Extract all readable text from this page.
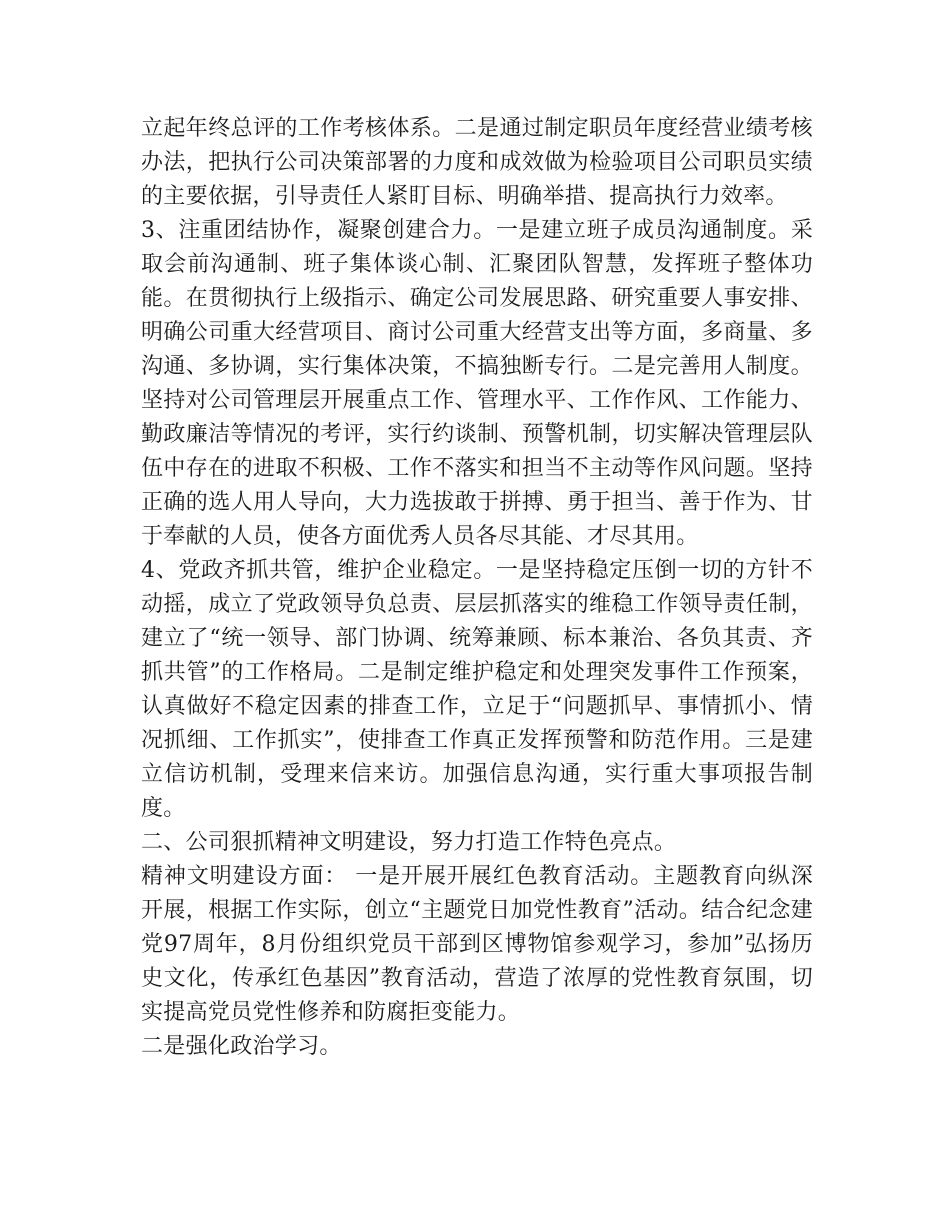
立起年终总评的工作考核体系。二是通过制定职员年度经营业绩考核办法，把执行公司决策部署的力度和成效做为检验项目公司职员实绩的主要依据，引导责任人紧盯目标、明确举措、提高执行力效率。

3、注重团结协作，凝聚创建合力。一是建立班子成员沟通制度。采取会前沟通制、班子集体谈心制、汇聚团队智慧，发挥班子整体功能。在贯彻执行上级指示、确定公司发展思路、研究重要人事安排、明确公司重大经营项目、商讨公司重大经营支出等方面，多商量、多沟通、多协调，实行集体决策，不搞独断专行。二是完善用人制度。坚持对公司管理层开展重点工作、管理水平、工作作风、工作能力、勤政廉洁等情况的考评，实行约谈制、预警机制，切实解决管理层队伍中存在的进取不积极、工作不落实和担当不主动等作风问题。坚持正确的选人用人导向，大力选拔敢于拼搏、勇于担当、善于作为、甘于奉献的人员，使各方面优秀人员各尽其能、才尽其用。

4、党政齐抓共管，维护企业稳定。一是坚持稳定压倒一切的方针不动摇，成立了党政领导负总责、层层抓落实的维稳工作领导责任制，建立了“统一领导、部门协调、统筹兼顾、标本兼治、各负其责、齐抓共管”的工作格局。二是制定维护稳定和处理突发事件工作预案，认真做好不稳定因素的排查工作，立足于“问题抓早、事情抓小、情况抓细、工作抓实”，使排查工作真正发挥预警和防范作用。三是建立信访机制，受理来信来访。加强信息沟通，实行重大事项报告制度。

二、公司狠抓精神文明建设，努力打造工作特色亮点。

精神文明建设方面： 一是开展开展红色教育活动。主题教育向纵深开展，根据工作实际，创立“主题党日加党性教育”活动。结合纪念建党97周年，8月份组织党员干部到区博物馆参观学习，参加”弘扬历史文化，传承红色基因”教育活动，营造了浓厚的党性教育氛围，切实提高党员党性修养和防腐拒变能力。

二是强化政治学习。
